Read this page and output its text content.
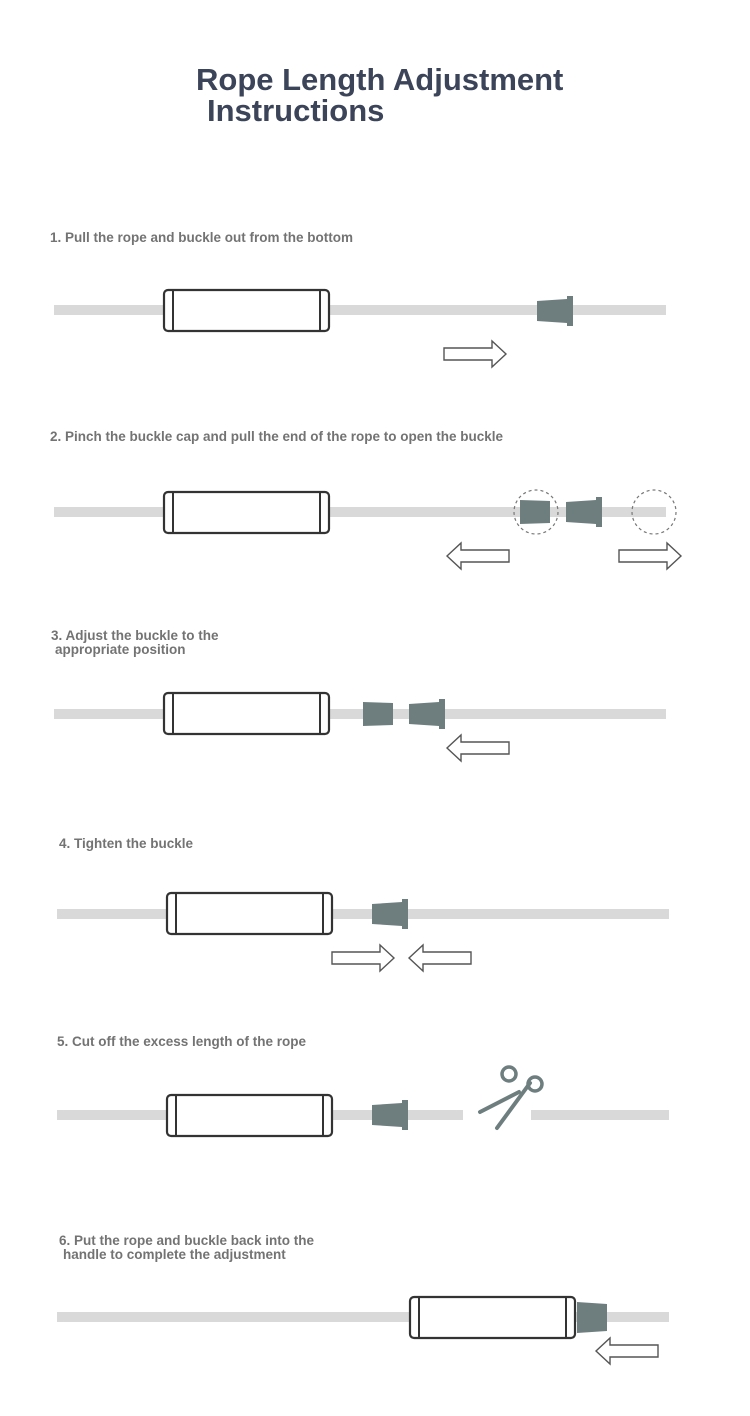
Rope Length Adjustment
Instructions

1. Pull the rope and buckle out from the bottom

2. Pinch the buckle cap and pull the end of the rope to open the buckle

3. Adjust the buckle to the
appropriate position

4. Tighten the buckle

5. Cut off the excess length of the rope

6. Put the rope and buckle back into the
handle to complete the adjustment
